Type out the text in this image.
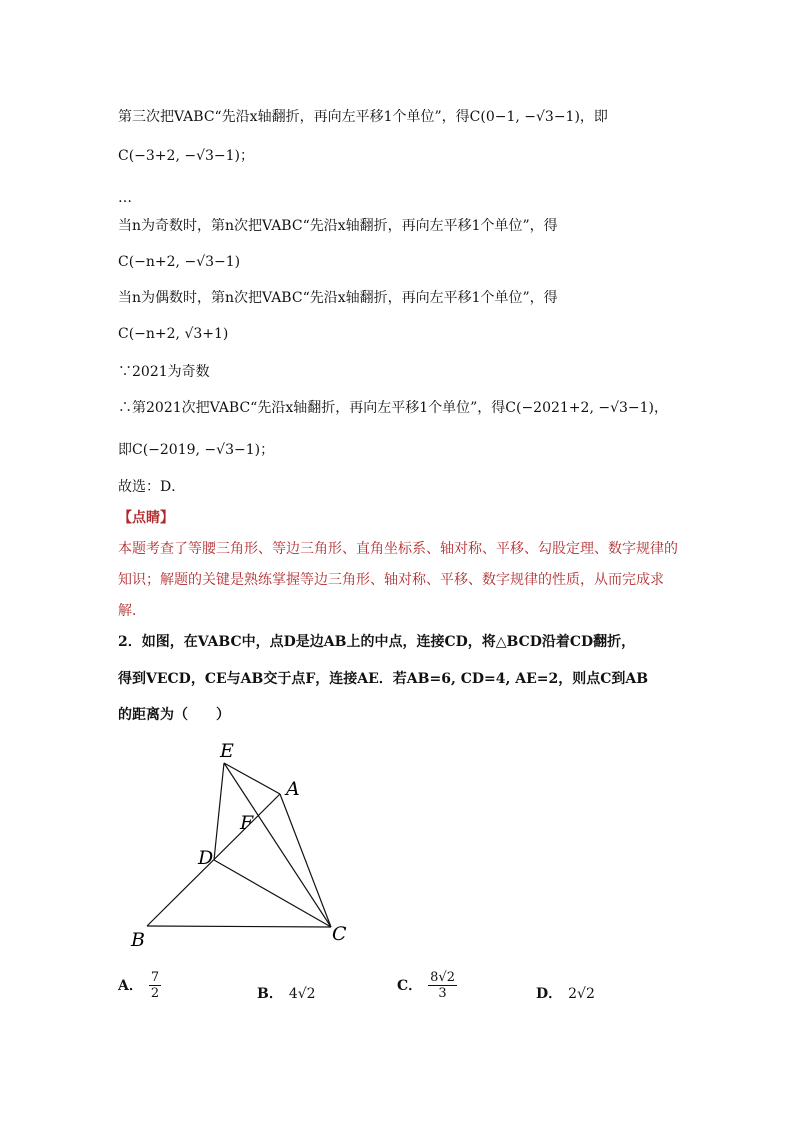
第三次把VABC“先沿x轴翻折，再向左平移1个单位”，得C(0−1, −√3−1)，即
C(−3+2, −√3−1)；
…
当n为奇数时，第n次把VABC“先沿x轴翻折，再向左平移1个单位”，得
C(−n+2, −√3−1)
当n为偶数时，第n次把VABC“先沿x轴翻折，再向左平移1个单位”，得
C(−n+2, √3+1)
∵2021为奇数
∴第2021次把VABC“先沿x轴翻折，再向左平移1个单位”，得C(−2021+2, −√3−1)，
即C(−2019, −√3−1)；
故选：D．
【点睛】
本题考查了等腰三角形、等边三角形、直角坐标系、轴对称、平移、勾股定理、数字规律的
知识；解题的关键是熟练掌握等边三角形、轴对称、平移、数字规律的性质，从而完成求
解．
2．如图，在VABC中，点D是边AB上的中点，连接CD，将△BCD沿着CD翻折，
得到VECD，CE与AB交于点F，连接AE．若AB=6, CD=4, AE=2，则点C到AB
的距离为（　　）
E
A
F
D
B	C
A． $\frac{7}{2}$	B． 4√2
C． $\frac{8√2}{3}$	D． 2√2
